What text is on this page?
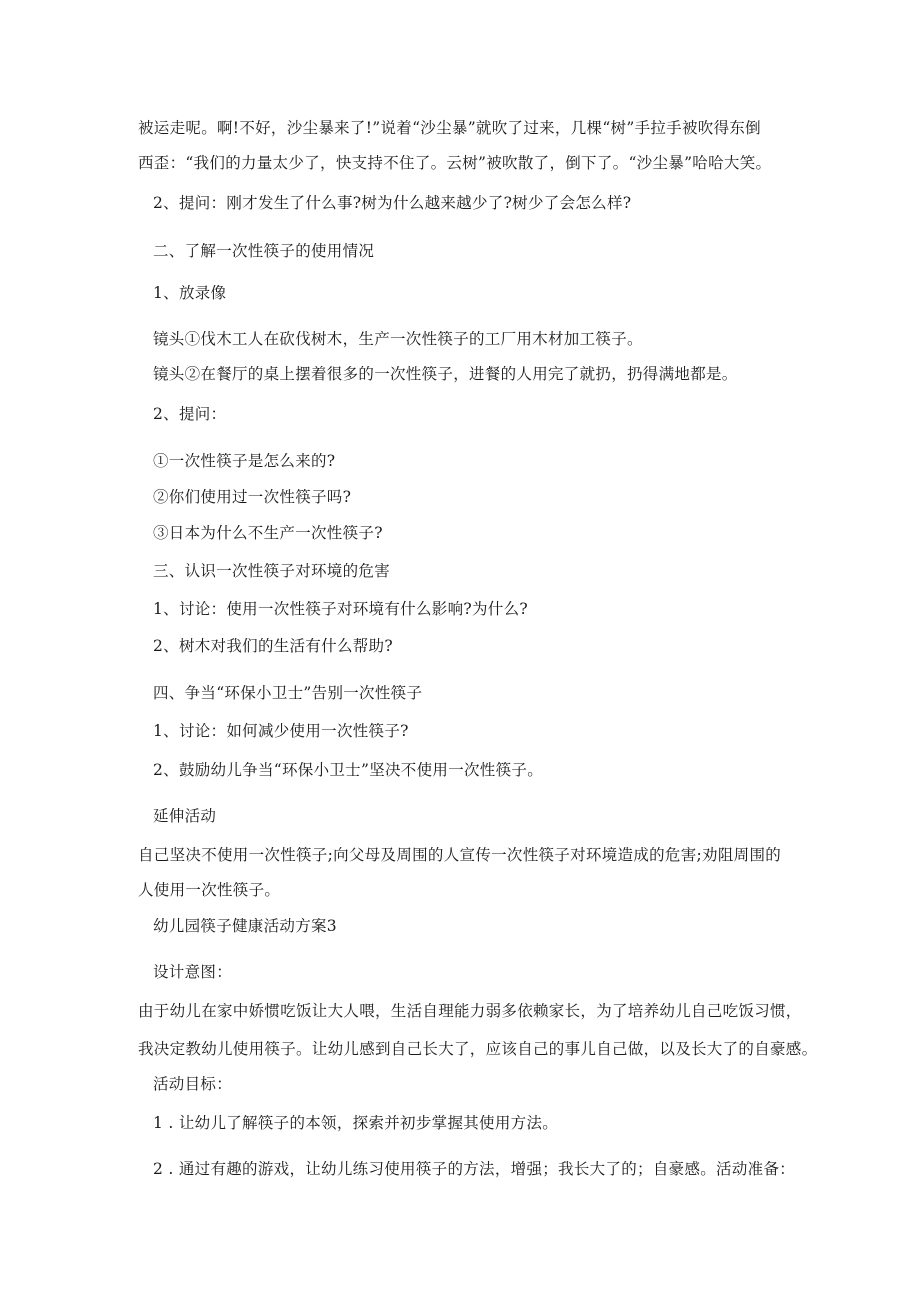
被运走呢。啊!不好，沙尘暴来了!”说着“沙尘暴”就吹了过来，几棵“树”手拉手被吹得东倒
西歪：“我们的力量太少了，快支持不住了。云树”被吹散了，倒下了。“沙尘暴”哈哈大笑。
2、提问：刚才发生了什么事?树为什么越来越少了?树少了会怎么样?
二、了解一次性筷子的使用情况
1、放录像
镜头①伐木工人在砍伐树木，生产一次性筷子的工厂用木材加工筷子。
镜头②在餐厅的桌上摆着很多的一次性筷子，进餐的人用完了就扔，扔得满地都是。
2、提问：
①一次性筷子是怎么来的?
②你们使用过一次性筷子吗?
③日本为什么不生产一次性筷子?
三、认识一次性筷子对环境的危害
1、讨论：使用一次性筷子对环境有什么影响?为什么?
2、树木对我们的生活有什么帮助?
四、争当“环保小卫士”告别一次性筷子
1、讨论：如何减少使用一次性筷子?
2、鼓励幼儿争当“环保小卫士”坚决不使用一次性筷子。
延伸活动
自己坚决不使用一次性筷子;向父母及周围的人宣传一次性筷子对环境造成的危害;劝阻周围的
人使用一次性筷子。
幼儿园筷子健康活动方案3
设计意图：
由于幼儿在家中娇惯吃饭让大人喂，生活自理能力弱多依赖家长，为了培养幼儿自己吃饭习惯，
我决定教幼儿使用筷子。让幼儿感到自己长大了，应该自己的事儿自己做，以及长大了的自豪感。
活动目标：
1 . 让幼儿了解筷子的本领，探索并初步掌握其使用方法。
2 . 通过有趣的游戏，让幼儿练习使用筷子的方法，增强；我长大了的；自豪感。活动准备：
